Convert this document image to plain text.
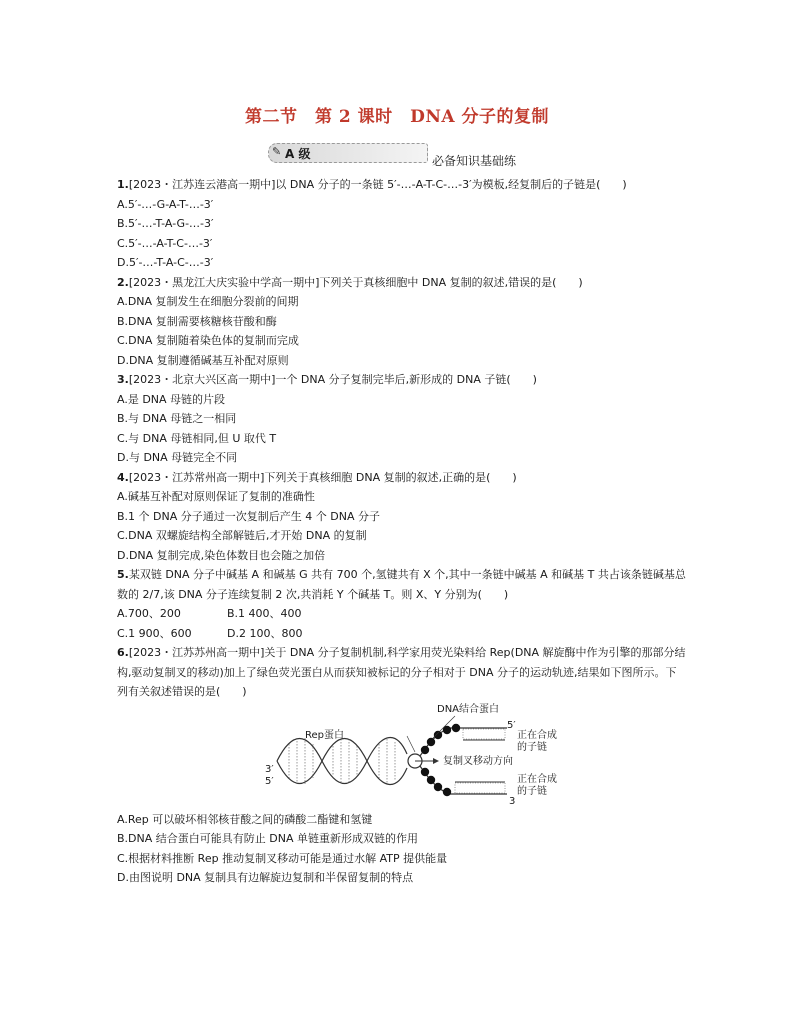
第二节　第 2 课时　DNA 分子的复制
✎ A 级	必备知识基础练

1.[2023・江苏连云港高一期中]以 DNA 分子的一条链 5′-…-A-T-C-…-3′为模板,经复制后的子链是(　　)

A.5′-…-G-A-T-…-3′

B.5′-…-T-A-G-…-3′

C.5′-…-A-T-C-…-3′

D.5′-…-T-A-C-…-3′

2.[2023・黑龙江大庆实验中学高一期中]下列关于真核细胞中 DNA 复制的叙述,错误的是(　　)

A.DNA 复制发生在细胞分裂前的间期

B.DNA 复制需要核糖核苷酸和酶

C.DNA 复制随着染色体的复制而完成

D.DNA 复制遵循碱基互补配对原则

3.[2023・北京大兴区高一期中]一个 DNA 分子复制完毕后,新形成的 DNA 子链(　　)

A.是 DNA 母链的片段

B.与 DNA 母链之一相同

C.与 DNA 母链相同,但 U 取代 T

D.与 DNA 母链完全不同

4.[2023・江苏常州高一期中]下列关于真核细胞 DNA 复制的叙述,正确的是(　　)

A.碱基互补配对原则保证了复制的准确性

B.1 个 DNA 分子通过一次复制后产生 4 个 DNA 分子

C.DNA 双螺旋结构全部解链后,才开始 DNA 的复制

D.DNA 复制完成,染色体数目也会随之加倍

5.某双链 DNA 分子中碱基 A 和碱基 G 共有 700 个,氢键共有 X 个,其中一条链中碱基 A 和碱基 T 共占该条链碱基总数的 2/7,该 DNA 分子连续复制 2 次,共消耗 Y 个碱基 T。则 X、Y 分别为(　　)

A.700、200	B.1 400、400

C.1 900、600	D.2 100、800

6.[2023・江苏苏州高一期中]关于 DNA 分子复制机制,科学家用荧光染料给 Rep(DNA 解旋酶中作为引擎的那部分结构,驱动复制叉的移动)加上了绿色荧光蛋白从而获知被标记的分子相对于 DNA 分子的运动轨迹,结果如下图所示。下列有关叙述错误的是(　　)

DNA结合蛋白
Rep蛋白
3′
5′
5′
3
复制叉移动方向
正在合成
的子链
正在合成
的子链

A.Rep 可以破坏相邻核苷酸之间的磷酸二酯键和氢键

B.DNA 结合蛋白可能具有防止 DNA 单链重新形成双链的作用

C.根据材料推断 Rep 推动复制叉移动可能是通过水解 ATP 提供能量

D.由图说明 DNA 复制具有边解旋边复制和半保留复制的特点
